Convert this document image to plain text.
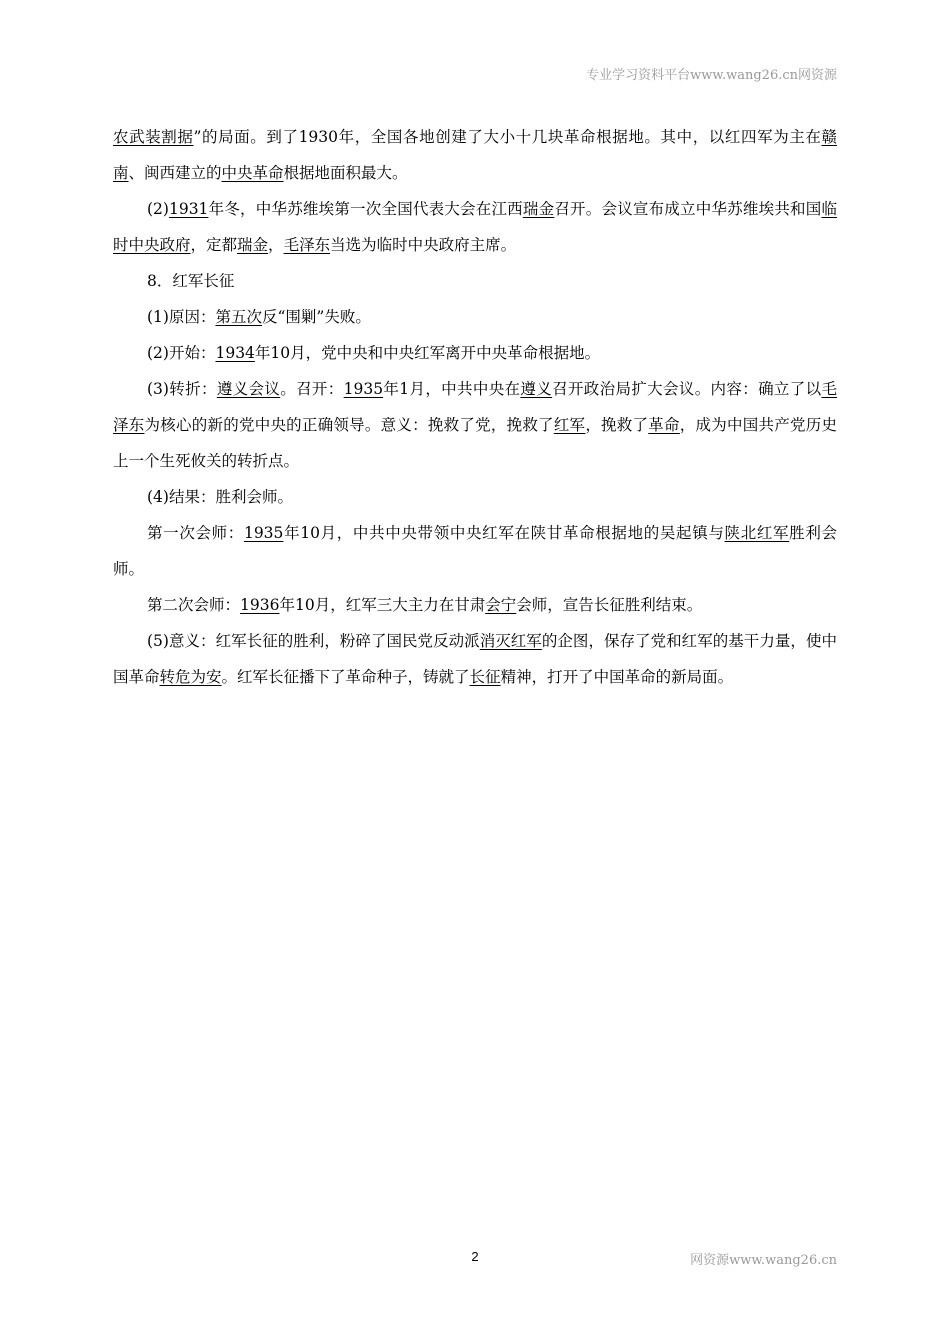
专业学习资料平台www.wang26.cn网资源

农武装割据”的局面。到了1930年，全国各地创建了大小十几块革命根据地。其中，以红四军为主在赣南、闽西建立的中央革命根据地面积最大。

(2)1931年冬，中华苏维埃第一次全国代表大会在江西瑞金召开。会议宣布成立中华苏维埃共和国临时中央政府，定都瑞金，毛泽东当选为临时中央政府主席。

8．红军长征

(1)原因：第五次反“围剿”失败。

(2)开始：1934年10月，党中央和中央红军离开中央革命根据地。

(3)转折：遵义会议。召开：1935年1月，中共中央在遵义召开政治局扩大会议。内容：确立了以毛泽东为核心的新的党中央的正确领导。意义：挽救了党，挽救了红军，挽救了革命，成为中国共产党历史上一个生死攸关的转折点。

(4)结果：胜利会师。

第一次会师：1935年10月，中共中央带领中央红军在陕甘革命根据地的吴起镇与陕北红军胜利会师。

第二次会师：1936年10月，红军三大主力在甘肃会宁会师，宣告长征胜利结束。

(5)意义：红军长征的胜利，粉碎了国民党反动派消灭红军的企图，保存了党和红军的基干力量，使中国革命转危为安。红军长征播下了革命种子，铸就了长征精神，打开了中国革命的新局面。

2	网资源www.wang26.cn
